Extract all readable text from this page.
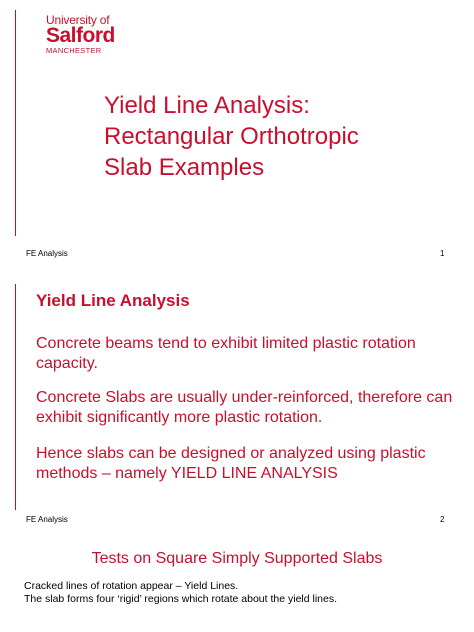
University of
Salford
MANCHESTER
Yield Line Analysis:
Rectangular Orthotropic
Slab Examples
FE Analysis	1
Yield Line Analysis

Concrete beams tend to exhibit limited plastic rotation capacity.

Concrete Slabs are usually under-reinforced, therefore can exhibit significantly more plastic rotation.

Hence slabs can be designed or analyzed using plastic methods – namely YIELD LINE ANALYSIS

FE Analysis	2
Tests on Square Simply Supported Slabs
Cracked lines of rotation appear – Yield Lines.
The slab forms four ‘rigid’ regions which rotate about the yield lines.
